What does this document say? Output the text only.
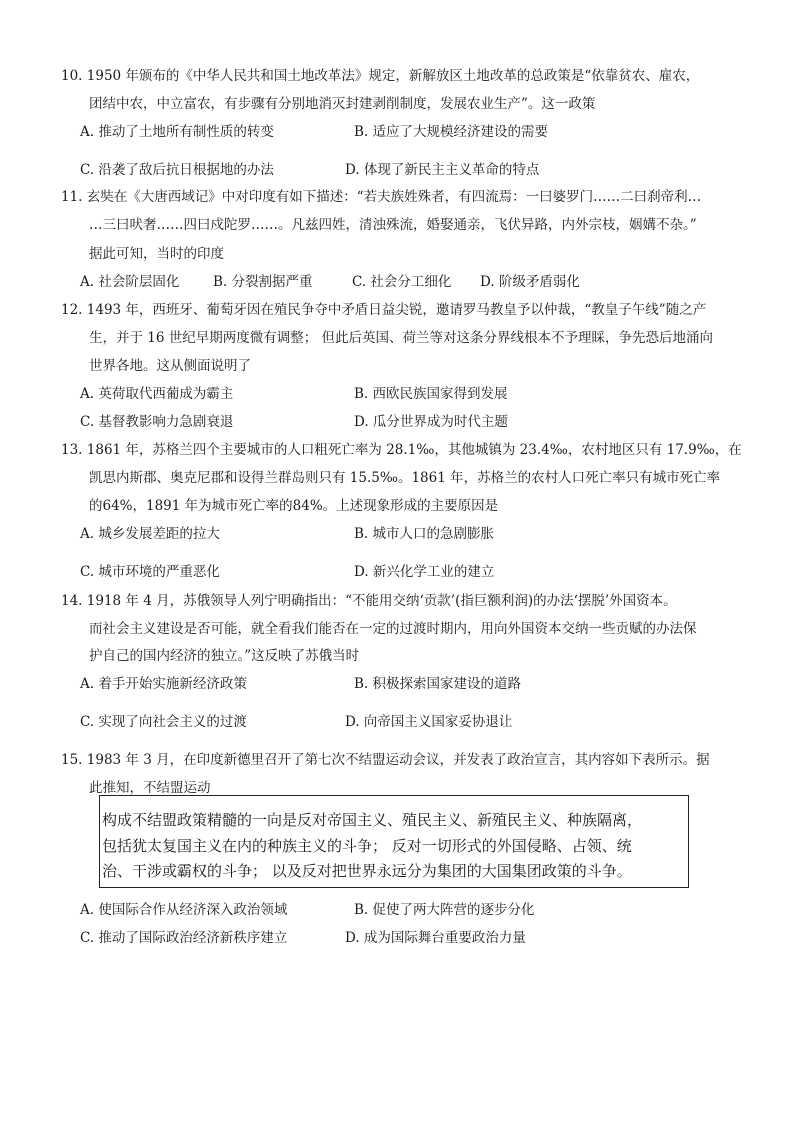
10. 1950 年颁布的《中华人民共和国土地改革法》规定，新解放区土地改革的总政策是“依靠贫农、雇农，
团结中农，中立富农，有步骤有分别地消灭封建剥削制度，发展农业生产”。这一政策
A. 推动了土地所有制性质的转变	B. 适应了大规模经济建设的需要
C. 沿袭了敌后抗日根据地的办法	D. 体现了新民主主义革命的特点
11. 玄奘在《大唐西域记》中对印度有如下描述：“若夫族姓殊者，有四流焉：一曰婆罗门……二曰刹帝利…
…三曰吠奢……四曰戍陀罗……。凡兹四姓，清浊殊流，婚娶通亲，飞伏异路，内外宗枝，姻媾不杂。”
据此可知，当时的印度
A. 社会阶层固化 B. 分裂割据严重	C. 社会分工细化 D. 阶级矛盾弱化
12. 1493 年，西班牙、葡萄牙因在殖民争夺中矛盾日益尖锐，邀请罗马教皇予以仲裁，“教皇子午线”随之产
生，并于 16 世纪早期两度微有调整； 但此后英国、荷兰等对这条分界线根本不予理睬，争先恐后地涌向
世界各地。这从侧面说明了
A. 英荷取代西葡成为霸主	B. 西欧民族国家得到发展
C. 基督教影响力急剧衰退	D. 瓜分世界成为时代主题
13. 1861 年，苏格兰四个主要城市的人口粗死亡率为 28.1‰，其他城镇为 23.4‰，农村地区只有 17.9‰，在
凯思内斯郡、奥克尼郡和设得兰群岛则只有 15.5‰。1861 年，苏格兰的农村人口死亡率只有城市死亡率
的64%，1891 年为城市死亡率的84%。上述现象形成的主要原因是
A. 城乡发展差距的拉大	B. 城市人口的急剧膨胀
C. 城市环境的严重恶化	D. 新兴化学工业的建立
14. 1918 年 4 月，苏俄领导人列宁明确指出：“不能用交纳‘贡款’(指巨额利润)的办法‘摆脱’外国资本。
而社会主义建设是否可能，就全看我们能否在一定的过渡时期内，用向外国资本交纳一些贡赋的办法保
护自己的国内经济的独立。”这反映了苏俄当时
A. 着手开始实施新经济政策	B. 积极探索国家建设的道路
C. 实现了向社会主义的过渡	D. 向帝国主义国家妥协退让
15. 1983 年 3 月，在印度新德里召开了第七次不结盟运动会议，并发表了政治宣言，其内容如下表所示。据
此推知，不结盟运动
构成不结盟政策精髓的一向是反对帝国主义、殖民主义、新殖民主义、种族隔离，
包括犹太复国主义在内的种族主义的斗争； 反对一切形式的外国侵略、占领、统
治、干涉或霸权的斗争； 以及反对把世界永远分为集团的大国集团政策的斗争。
A. 使国际合作从经济深入政治领域	B. 促使了两大阵营的逐步分化
C. 推动了国际政治经济新秩序建立	D. 成为国际舞台重要政治力量
